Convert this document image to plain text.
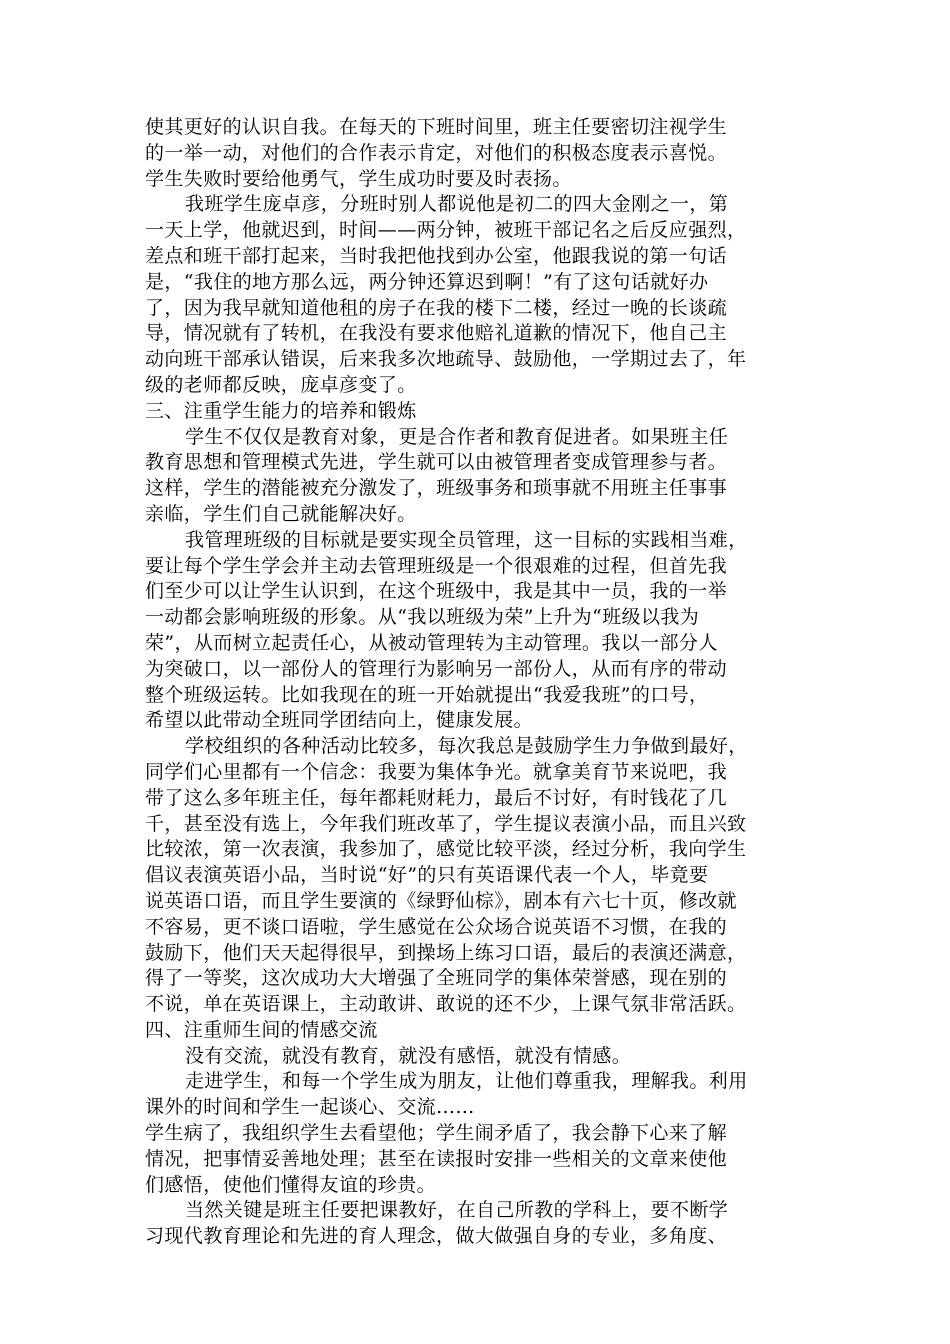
使其更好的认识自我。在每天的下班时间里，班主任要密切注视学生
的一举一动，对他们的合作表示肯定，对他们的积极态度表示喜悦。
学生失败时要给他勇气，学生成功时要及时表扬。
我班学生庞卓彦，分班时别人都说他是初二的四大金刚之一，第
一天上学，他就迟到，时间——两分钟，被班干部记名之后反应强烈，
差点和班干部打起来，当时我把他找到办公室，他跟我说的第一句话
是，“我住的地方那么远，两分钟还算迟到啊！”有了这句话就好办
了，因为我早就知道他租的房子在我的楼下二楼，经过一晚的长谈疏
导，情况就有了转机，在我没有要求他赔礼道歉的情况下，他自己主
动向班干部承认错误，后来我多次地疏导、鼓励他，一学期过去了，年
级的老师都反映，庞卓彦变了。
三、注重学生能力的培养和锻炼
学生不仅仅是教育对象，更是合作者和教育促进者。如果班主任
教育思想和管理模式先进，学生就可以由被管理者变成管理参与者。
这样，学生的潜能被充分激发了，班级事务和琐事就不用班主任事事
亲临，学生们自己就能解决好。
我管理班级的目标就是要实现全员管理，这一目标的实践相当难，
要让每个学生学会并主动去管理班级是一个很艰难的过程，但首先我
们至少可以让学生认识到，在这个班级中，我是其中一员，我的一举
一动都会影响班级的形象。从“我以班级为荣”上升为“班级以我为
荣”，从而树立起责任心，从被动管理转为主动管理。我以一部分人
为突破口，以一部份人的管理行为影响另一部份人，从而有序的带动
整个班级运转。比如我现在的班一开始就提出“我爱我班”的口号，
希望以此带动全班同学团结向上，健康发展。
学校组织的各种活动比较多，每次我总是鼓励学生力争做到最好，
同学们心里都有一个信念：我要为集体争光。就拿美育节来说吧，我
带了这么多年班主任，每年都耗财耗力，最后不讨好，有时钱花了几
千，甚至没有选上，今年我们班改革了，学生提议表演小品，而且兴致
比较浓，第一次表演，我参加了，感觉比较平淡，经过分析，我向学生
倡议表演英语小品，当时说“好”的只有英语课代表一个人，毕竟要
说英语口语，而且学生要演的《绿野仙棕》，剧本有六七十页，修改就
不容易，更不谈口语啦，学生感觉在公众场合说英语不习惯，在我的
鼓励下，他们天天起得很早，到操场上练习口语，最后的表演还满意，
得了一等奖，这次成功大大增强了全班同学的集体荣誉感，现在别的
不说，单在英语课上，主动敢讲、敢说的还不少，上课气氛非常活跃。
四、注重师生间的情感交流
没有交流，就没有教育，就没有感悟，就没有情感。
走进学生，和每一个学生成为朋友，让他们尊重我，理解我。利用
课外的时间和学生一起谈心、交流……
学生病了，我组织学生去看望他；学生闹矛盾了，我会静下心来了解
情况，把事情妥善地处理；甚至在读报时安排一些相关的文章来使他
们感悟，使他们懂得友谊的珍贵。
当然关键是班主任要把课教好，在自己所教的学科上，要不断学
习现代教育理论和先进的育人理念，做大做强自身的专业，多角度、
